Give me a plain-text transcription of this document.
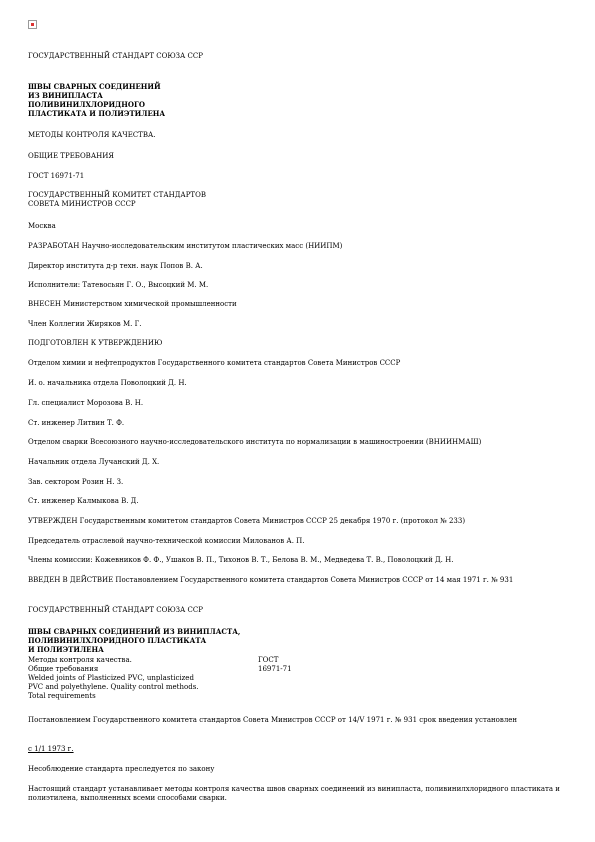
ГОСУДАРСТВЕННЫЙ СТАНДАРТ СОЮЗА ССР
ШВЫ СВАРНЫХ СОЕДИНЕНИЙ
ИЗ ВИНИПЛАСТА
ПОЛИВИНИЛХЛОРИДНОГО
ПЛАСТИКАТА И ПОЛИЭТИЛЕНА
МЕТОДЫ КОНТРОЛЯ КАЧЕСТВА.
ОБЩИЕ ТРЕБОВАНИЯ
ГОСТ 16971-71
ГОСУДАРСТВЕННЫЙ КОМИТЕТ СТАНДАРТОВ
СОВЕТА МИНИСТРОВ СССР
Москва
РАЗРАБОТАН Научно-исследовательским институтом пластических масс (НИИПМ)
Директор института д-р техн. наук Попов В. А.
Исполнители: Татевосьян Г. О., Высоцкий М. М.
ВНЕСЕН Министерством химической промышленности
Член Коллегии Жиряков М. Г.
ПОДГОТОВЛЕН К УТВЕРЖДЕНИЮ
Отделом химии и нефтепродуктов Государственного комитета стандартов Совета Министров СССР
И. о. начальника отдела Поволоцкий Д. Н.
Гл. специалист Морозова В. Н.
Ст. инженер Литвин Т. Ф.
Отделом сварки Всесоюзного научно-исследовательского института по нормализации в машиностроении (ВНИИНМАШ)
Начальник отдела Лучанский Д. Х.
Зав. сектором Розин Н. З.
Ст. инженер Калмыкова В. Д.
УТВЕРЖДЕН Государственным комитетом стандартов Совета Министров СССР 25 декабря 1970 г. (протокол № 233)
Председатель отраслевой научно-технической комиссии Милованов А. П.
Члены комиссии: Кожевников Ф. Ф., Ушаков В. П., Тихонов В. Т., Белова В. М., Медведева Т. В., Поволоцкий Д. Н.
ВВЕДЕН В ДЕЙСТВИЕ Постановлением Государственного комитета стандартов Совета Министров СССР от 14 мая 1971 г. № 931
ГОСУДАРСТВЕННЫЙ СТАНДАРТ СОЮЗА ССР
ШВЫ СВАРНЫХ СОЕДИНЕНИЙ ИЗ ВИНИПЛАСТА,
ПОЛИВИНИЛХЛОРИДНОГО ПЛАСТИКАТА
И ПОЛИЭТИЛЕНА
Методы контроля качества.	ГОСТ
Общие требования	16971-71
Welded joints of Plasticized PVC, unplasticized
PVC and polyethylene. Quality control methods.
Total requirements
Постановлением Государственного комитета стандартов Совета Министров СССР от 14/V 1971 г. № 931 срок введения установлен
с 1/1 1973 г.
Несоблюдение стандарта преследуется по закону
Настоящий стандарт устанавливает методы контроля качества швов сварных соединений из винипласта, поливинилхлоридного пластиката и полиэтилена, выполненных всеми способами сварки.
